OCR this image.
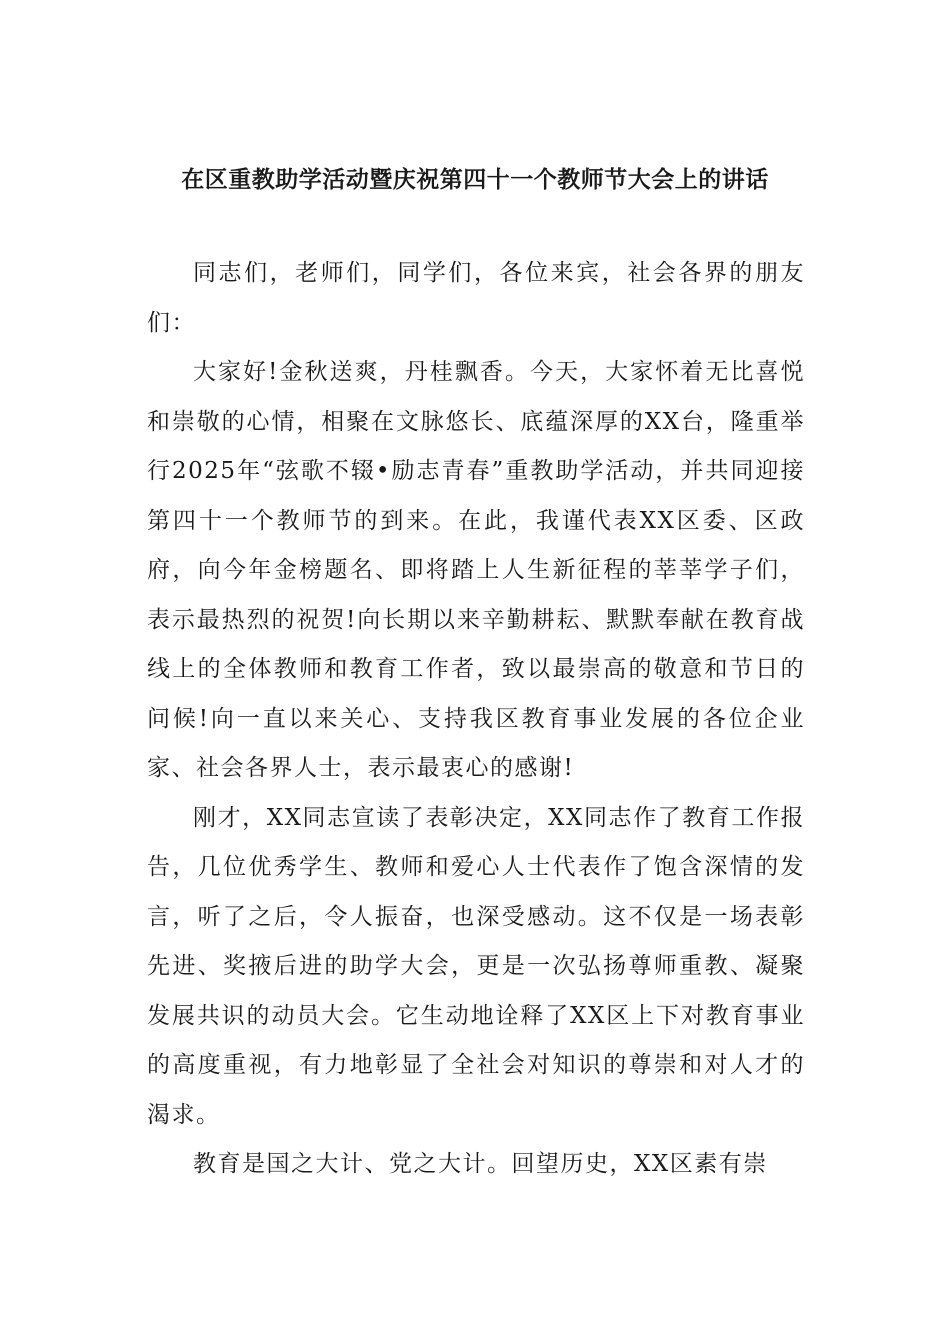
在区重教助学活动暨庆祝第四十一个教师节大会上的讲话

同志们，老师们，同学们，各位来宾，社会各界的朋友们：

大家好!金秋送爽，丹桂飘香。今天，大家怀着无比喜悦和崇敬的心情，相聚在文脉悠长、底蕴深厚的XX台，隆重举行2025年“弦歌不辍•励志青春”重教助学活动，并共同迎接第四十一个教师节的到来。在此，我谨代表XX区委、区政府，向今年金榜题名、即将踏上人生新征程的莘莘学子们，表示最热烈的祝贺!向长期以来辛勤耕耘、默默奉献在教育战线上的全体教师和教育工作者，致以最崇高的敬意和节日的问候!向一直以来关心、支持我区教育事业发展的各位企业家、社会各界人士，表示最衷心的感谢!

刚才，XX同志宣读了表彰决定，XX同志作了教育工作报告，几位优秀学生、教师和爱心人士代表作了饱含深情的发言，听了之后，令人振奋，也深受感动。这不仅是一场表彰先进、奖掖后进的助学大会，更是一次弘扬尊师重教、凝聚发展共识的动员大会。它生动地诠释了XX区上下对教育事业的高度重视，有力地彰显了全社会对知识的尊崇和对人才的渴求。

教育是国之大计、党之大计。回望历史，XX区素有崇
